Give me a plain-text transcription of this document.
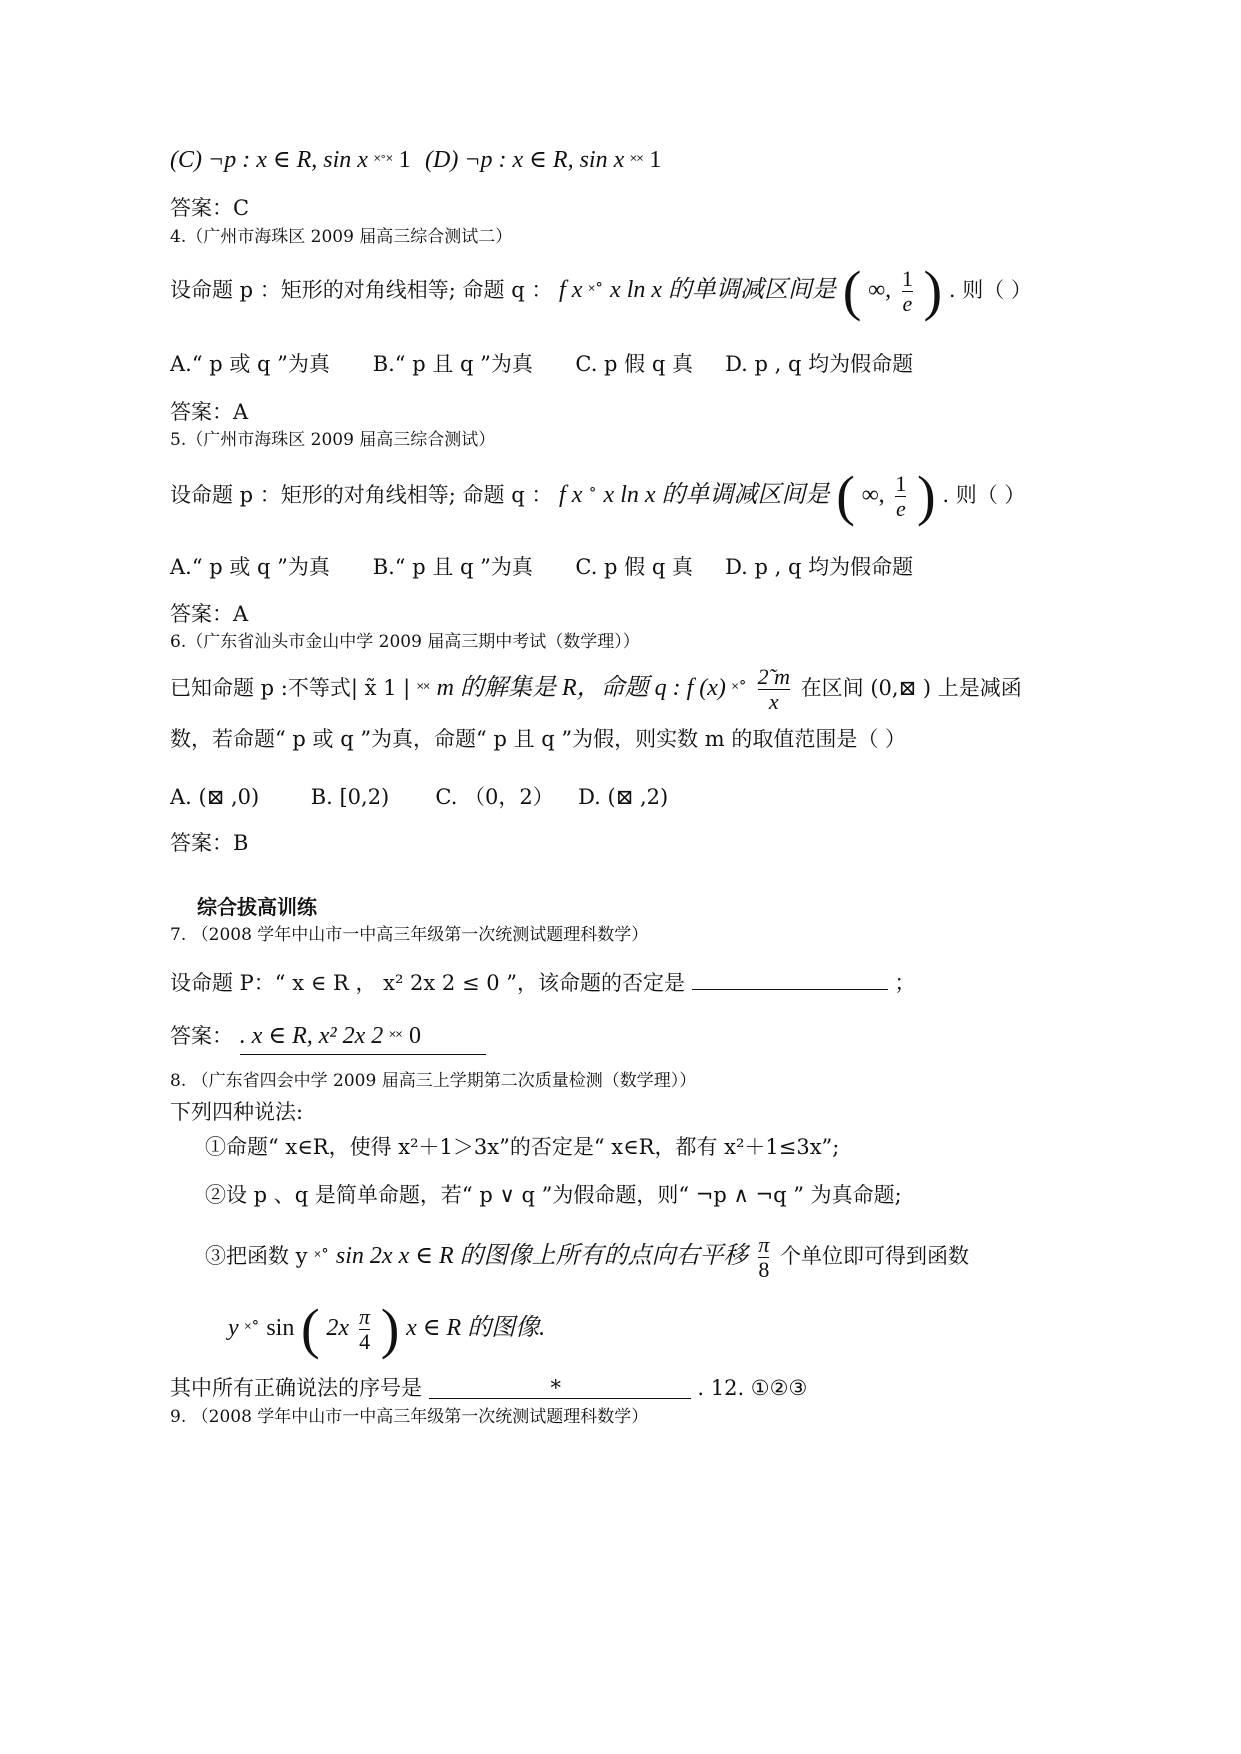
(C) ¬p : x ∈ R, sin x ˟˚˟ 1 (D) ¬p : x ∈ R, sin x ˟˟ 1
答案：C
4.（广州市海珠区 2009 届高三综合测试二）
设命题 p ：矩形的对角线相等; 命题 q ： f x ˟˚ x ln x 的单调减区间是 ( ∞, $\frac{1}{e}$ ) . 则（ ）
A.“ p 或 q ”为真 B.“ p 且 q ”为真 C. p 假 q 真 D. p , q 均为假命题
答案：A
5.（广州市海珠区 2009 届高三综合测试）
设命题 p ：矩形的对角线相等; 命题 q ： f x ˚ x ln x 的单调减区间是 ( ∞, $\frac{1}{e}$ ) . 则（ ）
A.“ p 或 q ”为真 B.“ p 且 q ”为真 C. p 假 q 真 D. p , q 均为假命题
答案：A
6.（广东省汕头市金山中学 2009 届高三期中考试（数学理））
已知命题 p :不等式| x̃ 1 | ˟˟ m 的解集是 R，命题 q : f (x) ˟˚ $\frac{2̃ m}{x}$ 在区间 (0,⊠ ) 上是减函
数，若命题“ p 或 q ”为真，命题“ p 且 q ”为假，则实数 m 的取值范围是（ ）
A. (⊠ ,0) B. [0,2) C. （0，2） D. (⊠ ,2)
答案：B
综合拔高训练
7. （2008 学年中山市一中高三年级第一次统测试题理科数学）
设命题 P：“ x ∈ R ， x² 2x 2 ≤ 0 ”，该命题的否定是	；
答案： . x ∈ R, x² 2x 2 ˟˟ 0
8. （广东省四会中学 2009 届高三上学期第二次质量检测（数学理））
下列四种说法:
①命题“ x∈R，使得 x²＋1＞3x”的否定是“ x∈R，都有 x²＋1≤3x”;
②设 p 、q 是简单命题，若“ p ∨ q ”为假命题，则“ ¬p ∧ ¬q ” 为真命题;
③把函数 y ˟˚ sin 2x x ∈ R 的图像上所有的点向右平移 $\frac{\pi}{8}$ 个单位即可得到函数
y ˟˚ sin ( $2x \frac{\pi}{4}$ ) x ∈ R 的图像.
其中所有正确说法的序号是	*	. 12. ①②③
9. （2008 学年中山市一中高三年级第一次统测试题理科数学）
